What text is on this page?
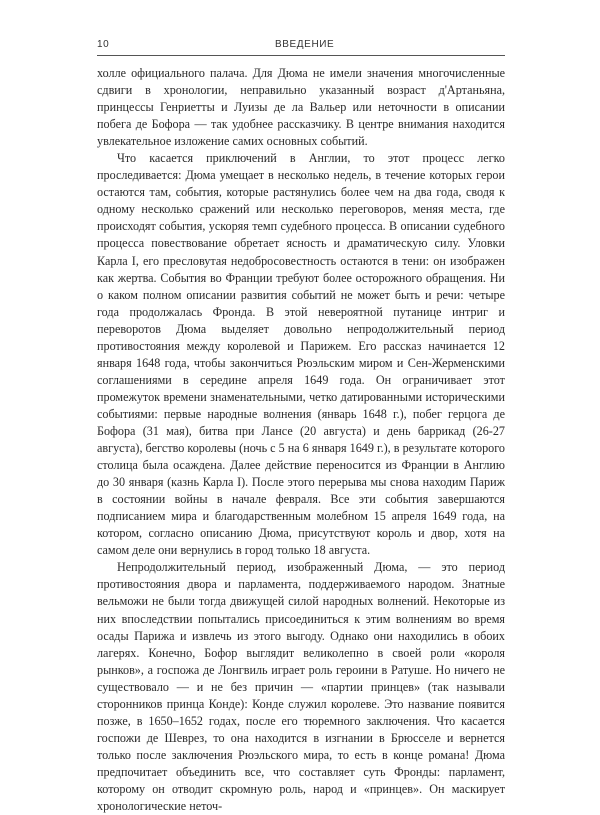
10	ВВЕДЕНИЕ

холле официального палача. Для Дюма не имели значения многочисленные сдвиги в хронологии, неправильно указанный возраст д'Артаньяна, принцессы Генриетты и Луизы де ла Вальер или неточности в описании побега де Бофора — так удобнее рассказчику. В центре внимания находится увлекательное изложение самих основных событий.

Что касается приключений в Англии, то этот процесс легко проследивается: Дюма умещает в несколько недель, в течение которых герои остаются там, события, которые растянулись более чем на два года, сводя к одному несколько сражений или несколько переговоров, меняя места, где происходят события, ускоряя темп судебного процесса. В описании судебного процесса повествование обретает ясность и драматическую силу. Уловки Карла I, его пресловутая недобросовестность остаются в тени: он изображен как жертва. События во Франции требуют более осторожного обращения. Ни о каком полном описании развития событий не может быть и речи: четыре года продолжалась Фронда. В этой невероятной путанице интриг и переворотов Дюма выделяет довольно непродолжительный период противостояния между королевой и Парижем. Его рассказ начинается 12 января 1648 года, чтобы закончиться Рюэльским миром и Сен-Жерменскими соглашениями в середине апреля 1649 года. Он ограничивает этот промежуток времени знаменательными, четко датированными историческими событиями: первые народные волнения (январь 1648 г.), побег герцога де Бофора (31 мая), битва при Лансе (20 августа) и день баррикад (26-27 августа), бегство королевы (ночь с 5 на 6 января 1649 г.), в результате которого столица была осаждена. Далее действие переносится из Франции в Англию до 30 января (казнь Карла I). После этого перерыва мы снова находим Париж в состоянии войны в начале февраля. Все эти события завершаются подписанием мира и благодарственным молебном 15 апреля 1649 года, на котором, согласно описанию Дюма, присутствуют король и двор, хотя на самом деле они вернулись в город только 18 августа.

Непродолжительный период, изображенный Дюма, — это период противостояния двора и парламента, поддерживаемого народом. Знатные вельможи не были тогда движущей силой народных волнений. Некоторые из них впоследствии попытались присоединиться к этим волнениям во время осады Парижа и извлечь из этого выгоду. Однако они находились в обоих лагерях. Конечно, Бофор выглядит великолепно в своей роли «короля рынков», а госпожа де Лонгвиль играет роль героини в Ратуше. Но ничего не существовало — и не без причин — «партии принцев» (так называли сторонников принца Конде): Конде служил королеве. Это название появится позже, в 1650–1652 годах, после его тюремного заключения. Что касается госпожи де Шеврез, то она находится в изгнании в Брюсселе и вернется только после заключения Рюэльского мира, то есть в конце романа! Дюма предпочитает объединить все, что составляет суть Фронды: парламент, которому он отводит скромную роль, народ и «принцев». Он маскирует хронологические неточ-
